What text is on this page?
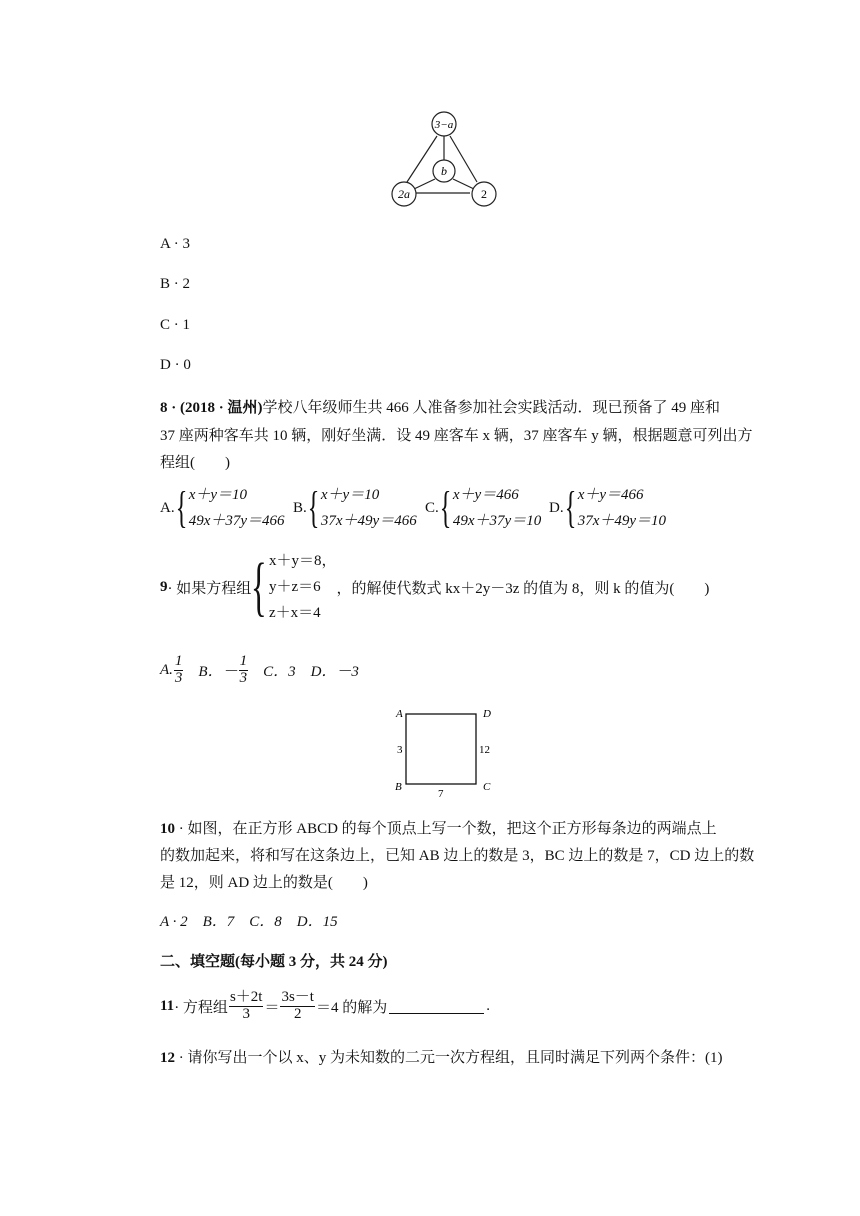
3−a
b
2a	2
A · 3
B · 2
C · 1
D · 0
8 · (2018 · 温州)学校八年级师生共 466 人准备参加社会实践活动．现已预备了 49 座和
37 座两种客车共 10 辆，刚好坐满．设 49 座客车 x 辆，37 座客车 y 辆，根据题意可列出方
程组(　　)
A. { x＋y＝10
49x＋37y＝466
B. { x＋y＝10
37x＋49y＝466
C. { x＋y＝466
49x＋37y＝10
D. { x＋y＝466
37x＋49y＝10
9 · 如果方程组 { x＋y＝8，
y＋z＝6
z＋x＝4
，的解使代数式 kx＋2y－3z 的值为 8，则 k 的值为(　　)
A. $\frac{1}{3}$ B．－ $\frac{1}{3}$ C．3　D．－3
A	D
B	C
3	12
7
10 · 如图，在正方形 ABCD 的每个顶点上写一个数，把这个正方形每条边的两端点上
的数加起来，将和写在这条边上，已知 AB 边上的数是 3，BC 边上的数是 7，CD 边上的数
是 12，则 AD 边上的数是(　　)
A · 2　B．7　C．8　D．15
二、填空题(每小题 3 分，共 24 分)
11 · 方程组 $\frac{s+2t}{3} = \frac{3s-t}{2} =4$ 的解为	.
12 · 请你写出一个以 x、y 为未知数的二元一次方程组，且同时满足下列两个条件：(1)
